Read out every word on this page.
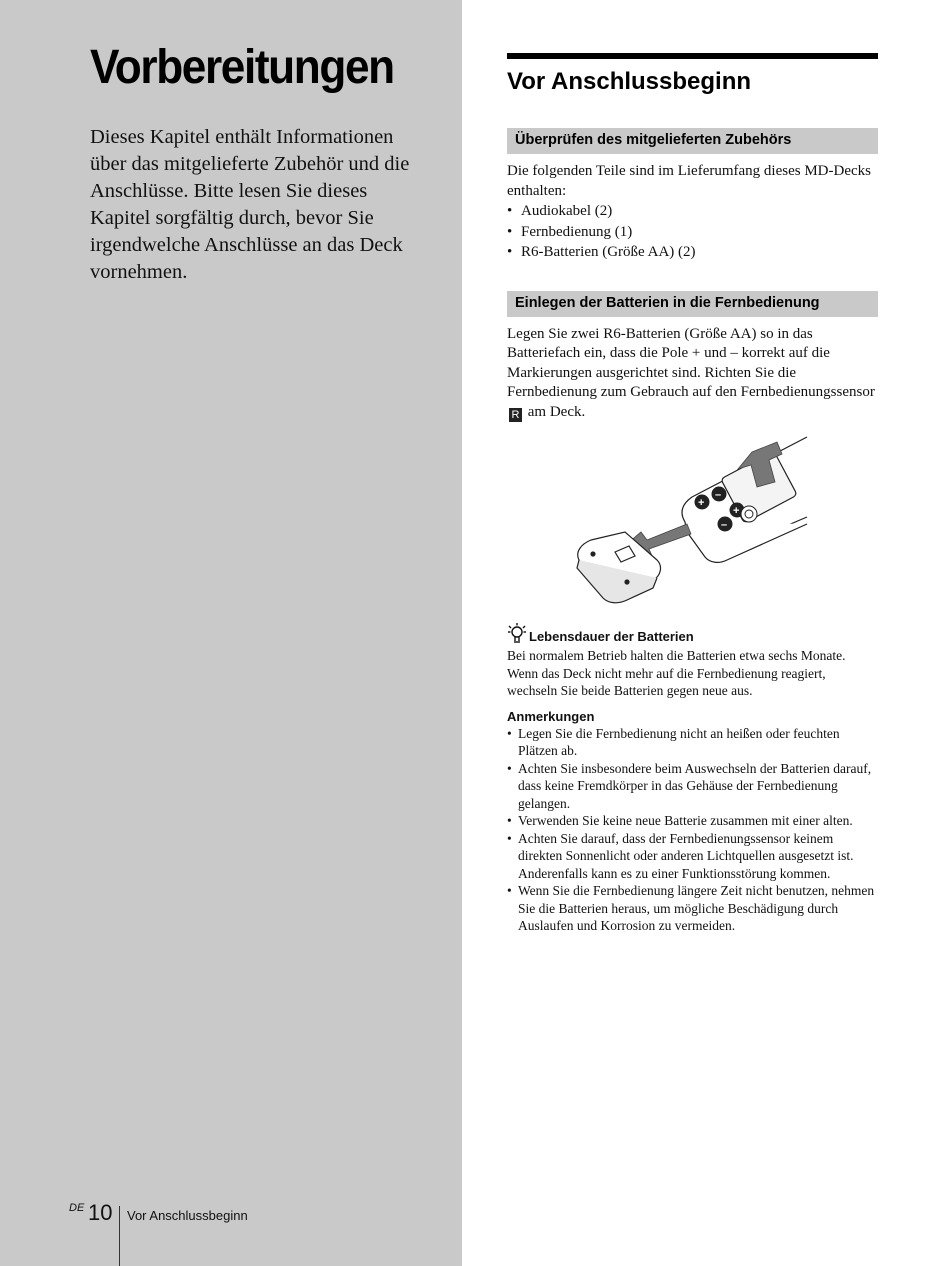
Vorbereitungen

Dieses Kapitel enthält Informationen über das mitgelieferte Zubehör und die Anschlüsse. Bitte lesen Sie dieses Kapitel sorgfältig durch, bevor Sie irgendwelche Anschlüsse an das Deck vornehmen.

DE 10 Vor Anschlussbeginn
Vor Anschlussbeginn
Überprüfen des mitgelieferten Zubehörs

Die folgenden Teile sind im Lieferumfang dieses MD-Decks enthalten:

• Audiokabel (2)
• Fernbedienung (1)
• R6-Batterien (Größe AA) (2)
Einlegen der Batterien in die Fernbedienung

Legen Sie zwei R6-Batterien (Größe AA) so in das Batteriefach ein, dass die Pole + und – korrekt auf die Markierungen ausgerichtet sind. Richten Sie die Fernbedienung zum Gebrauch auf den Fernbedienungssensor R am Deck.

+
–
+
–
Lebensdauer der Batterien

Bei normalem Betrieb halten die Batterien etwa sechs Monate. Wenn das Deck nicht mehr auf die Fernbedienung reagiert, wechseln Sie beide Batterien gegen neue aus.

Anmerkungen
• Legen Sie die Fernbedienung nicht an heißen oder feuchten Plätzen ab.
• Achten Sie insbesondere beim Auswechseln der Batterien darauf, dass keine Fremdkörper in das Gehäuse der Fernbedienung gelangen.
• Verwenden Sie keine neue Batterie zusammen mit einer alten.
• Achten Sie darauf, dass der Fernbedienungssensor keinem direkten Sonnenlicht oder anderen Lichtquellen ausgesetzt ist. Anderenfalls kann es zu einer Funktionsstörung kommen.
• Wenn Sie die Fernbedienung längere Zeit nicht benutzen, nehmen Sie die Batterien heraus, um mögliche Beschädigung durch Auslaufen und Korrosion zu vermeiden.
